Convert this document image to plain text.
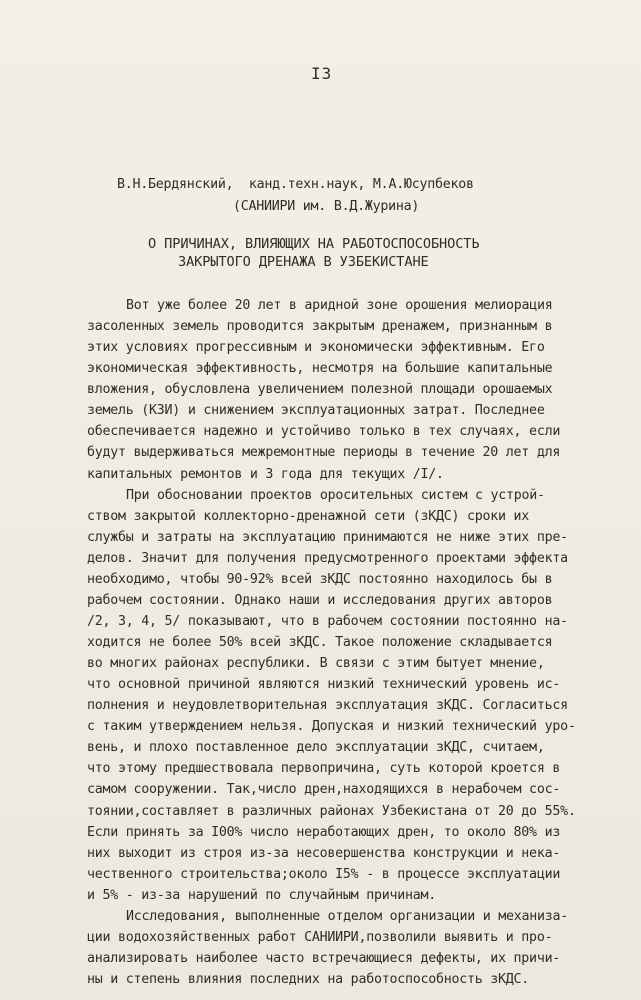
I3
В.Н.Бердянский,  канд.техн.наук, М.А.Юсупбеков
(САНИИРИ им. В.Д.Журина)
О ПРИЧИНАХ, ВЛИЯЮЩИХ НА РАБОТОСПОСОБНОСТЬ
ЗАКРЫТОГО ДРЕНАЖА В УЗБЕКИСТАНЕ
Вот уже более 20 лет в аридной зоне орошения мелиорация
засоленных земель проводится закрытым дренажем, признанным в
этих условиях прогрессивным и экономически эффективным. Его
экономическая эффективность, несмотря на большие капитальные
вложения, обусловлена увеличением полезной площади орошаемых
земель (КЗИ) и снижением эксплуатационных затрат. Последнее
обеспечивается надежно и устойчиво только в тех случаях, если
будут выдерживаться межремонтные периоды в течение 20 лет для
капитальных ремонтов и 3 года для текущих /I/.
При обосновании проектов оросительных систем с устрой-
ством закрытой коллекторно-дренажной сети (зКДС) сроки их
службы и затраты на эксплуатацию принимаются не ниже этих пре-
делов. Значит для получения предусмотренного проектами эффекта
необходимо, чтобы 90-92% всей зКДС постоянно находилось бы в
рабочем состоянии. Однако наши и исследования других авторов
/2, 3, 4, 5/ показывают, что в рабочем состоянии постоянно на-
ходится не более 50% всей зКДС. Такое положение складывается
во многих районах республики. В связи с этим бытует мнение,
что основной причиной являются низкий технический уровень ис-
полнения и неудовлетворительная эксплуатация зКДС. Согласиться
с таким утверждением нельзя. Допуская и низкий технический уро-
вень, и плохо поставленное дело эксплуатации зКДС, считаем,
что этому предшествовала первопричина, суть которой кроется в
самом сооружении. Так,число дрен,находящихся в нерабочем сос-
тоянии,составляет в различных районах Узбекистана от 20 до 55%.
Если принять за I00% число неработающих дрен, то около 80% из
них выходит из строя из-за несовершенства конструкции и нека-
чественного строительства;около I5% - в процессе эксплуатации
и 5% - из-за нарушений по случайным причинам.
Исследования, выполненные отделом организации и механиза-
ции водохозяйственных работ САНИИРИ,позволили выявить и про-
анализировать наиболее часто встречающиеся дефекты, их причи-
ны и степень влияния последних на работоспособность зКДС.
